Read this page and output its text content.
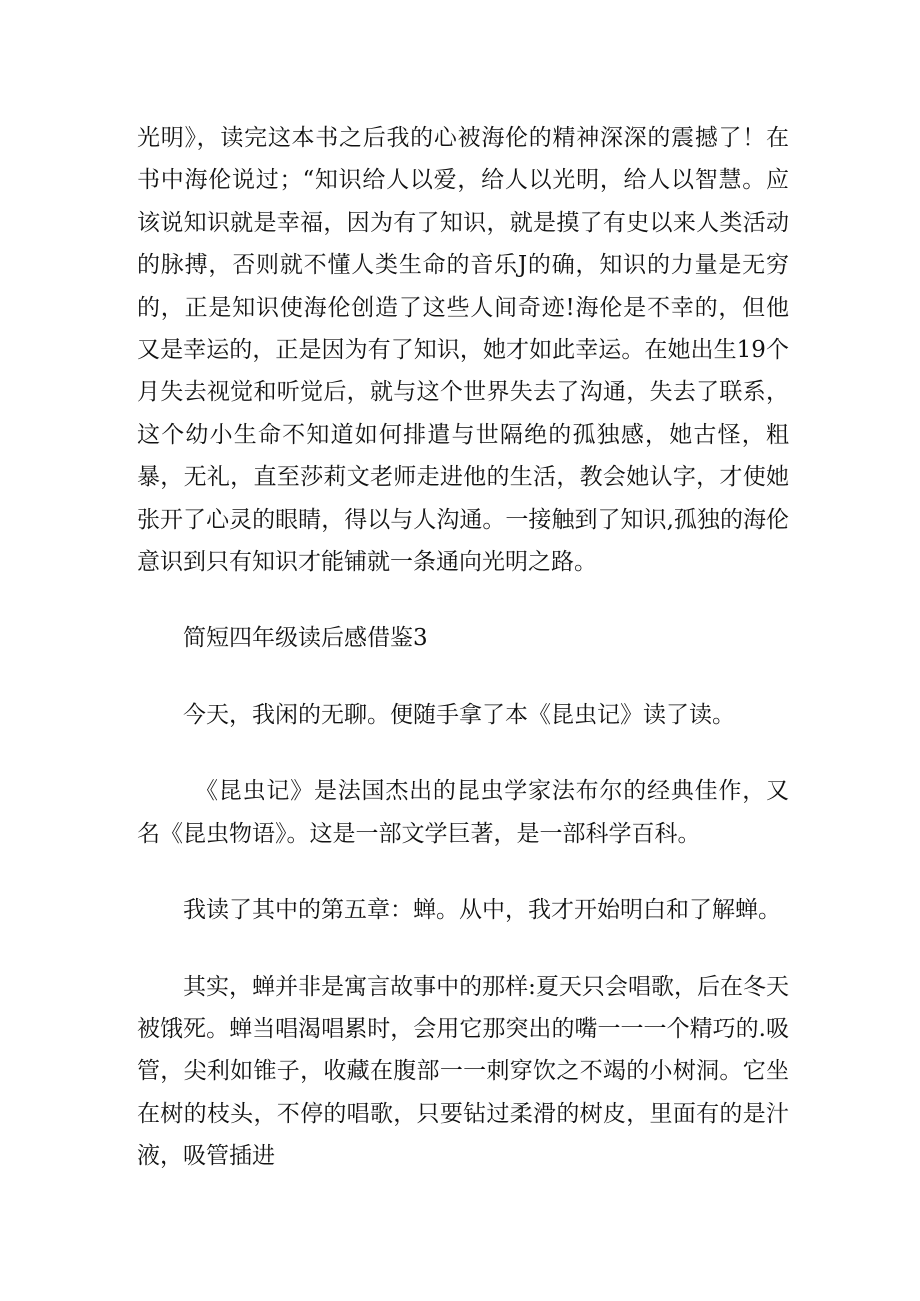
光明》，读完这本书之后我的心被海伦的精神深深的震撼了！在书中海伦说过；“知识给人以爱，给人以光明，给人以智慧。应该说知识就是幸福，因为有了知识，就是摸了有史以来人类活动的脉搏，否则就不懂人类生命的音乐J的确，知识的力量是无穷的，正是知识使海伦创造了这些人间奇迹!海伦是不幸的，但他又是幸运的，正是因为有了知识，她才如此幸运。在她出生19个月失去视觉和听觉后，就与这个世界失去了沟通，失去了联系，这个幼小生命不知道如何排遣与世隔绝的孤独感，她古怪，粗暴，无礼，直至莎莉文老师走进他的生活，教会她认字，才使她张开了心灵的眼睛，得以与人沟通。一接触到了知识,孤独的海伦意识到只有知识才能铺就一条通向光明之路。

简短四年级读后感借鉴3

今天，我闲的无聊。便随手拿了本《昆虫记》读了读。

《昆虫记》是法国杰出的昆虫学家法布尔的经典佳作，又名《昆虫物语》。这是一部文学巨著，是一部科学百科。

我读了其中的第五章：蝉。从中，我才开始明白和了解蝉。

其实，蝉并非是寓言故事中的那样:夏天只会唱歌，后在冬天被饿死。蝉当唱渴唱累时，会用它那突出的嘴一一一个精巧的.吸管，尖利如锥子，收藏在腹部一一刺穿饮之不竭的小树洞。它坐在树的枝头，不停的唱歌，只要钻过柔滑的树皮，里面有的是汁液，吸管插进
